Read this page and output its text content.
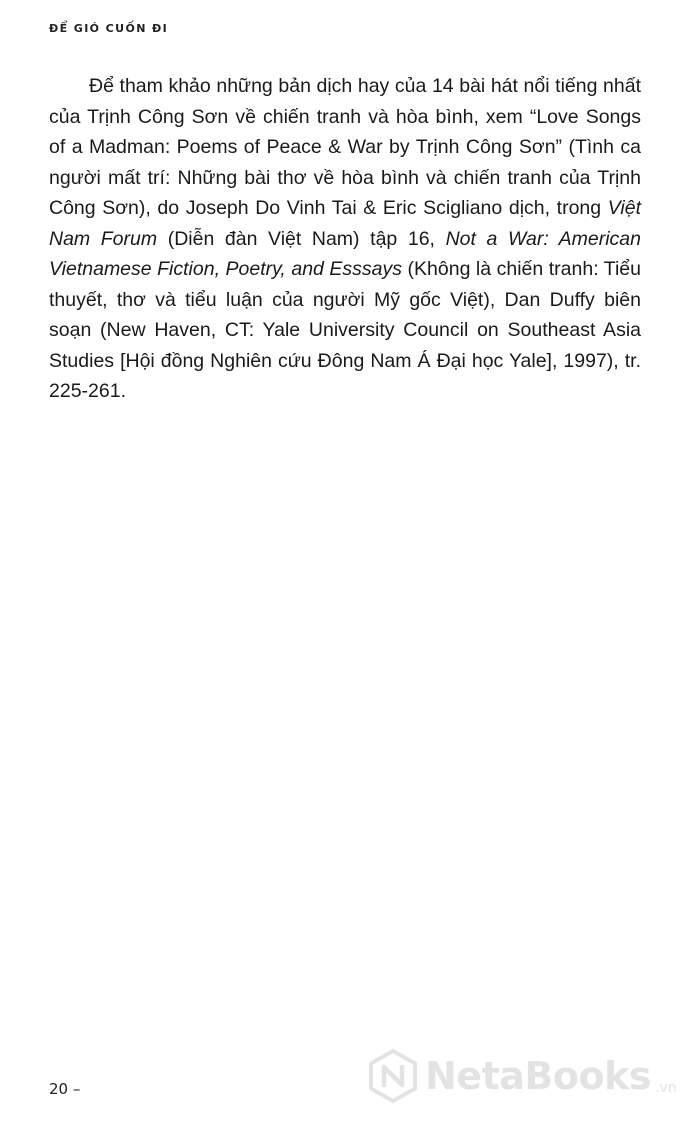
ĐỂ GIÓ CUỐN ĐI

Để tham khảo những bản dịch hay của 14 bài hát nổi tiếng nhất của Trịnh Công Sơn về chiến tranh và hòa bình, xem “Love Songs of a Madman: Poems of Peace & War by Trịnh Công Sơn” (Tình ca người mất trí: Những bài thơ về hòa bình và chiến tranh của Trịnh Công Sơn), do Joseph Do Vinh Tai & Eric Scigliano dịch, trong Việt Nam Forum (Diễn đàn Việt Nam) tập 16, Not a War: American Vietnamese Fiction, Poetry, and Esssays (Không là chiến tranh: Tiểu thuyết, thơ và tiểu luận của người Mỹ gốc Việt), Dan Duffy biên soạn (New Haven, CT: Yale University Council on Southeast Asia Studies [Hội đồng Nghiên cứu Đông Nam Á Đại học Yale], 1997), tr. 225-261.

20 –	NetaBooks .vn
